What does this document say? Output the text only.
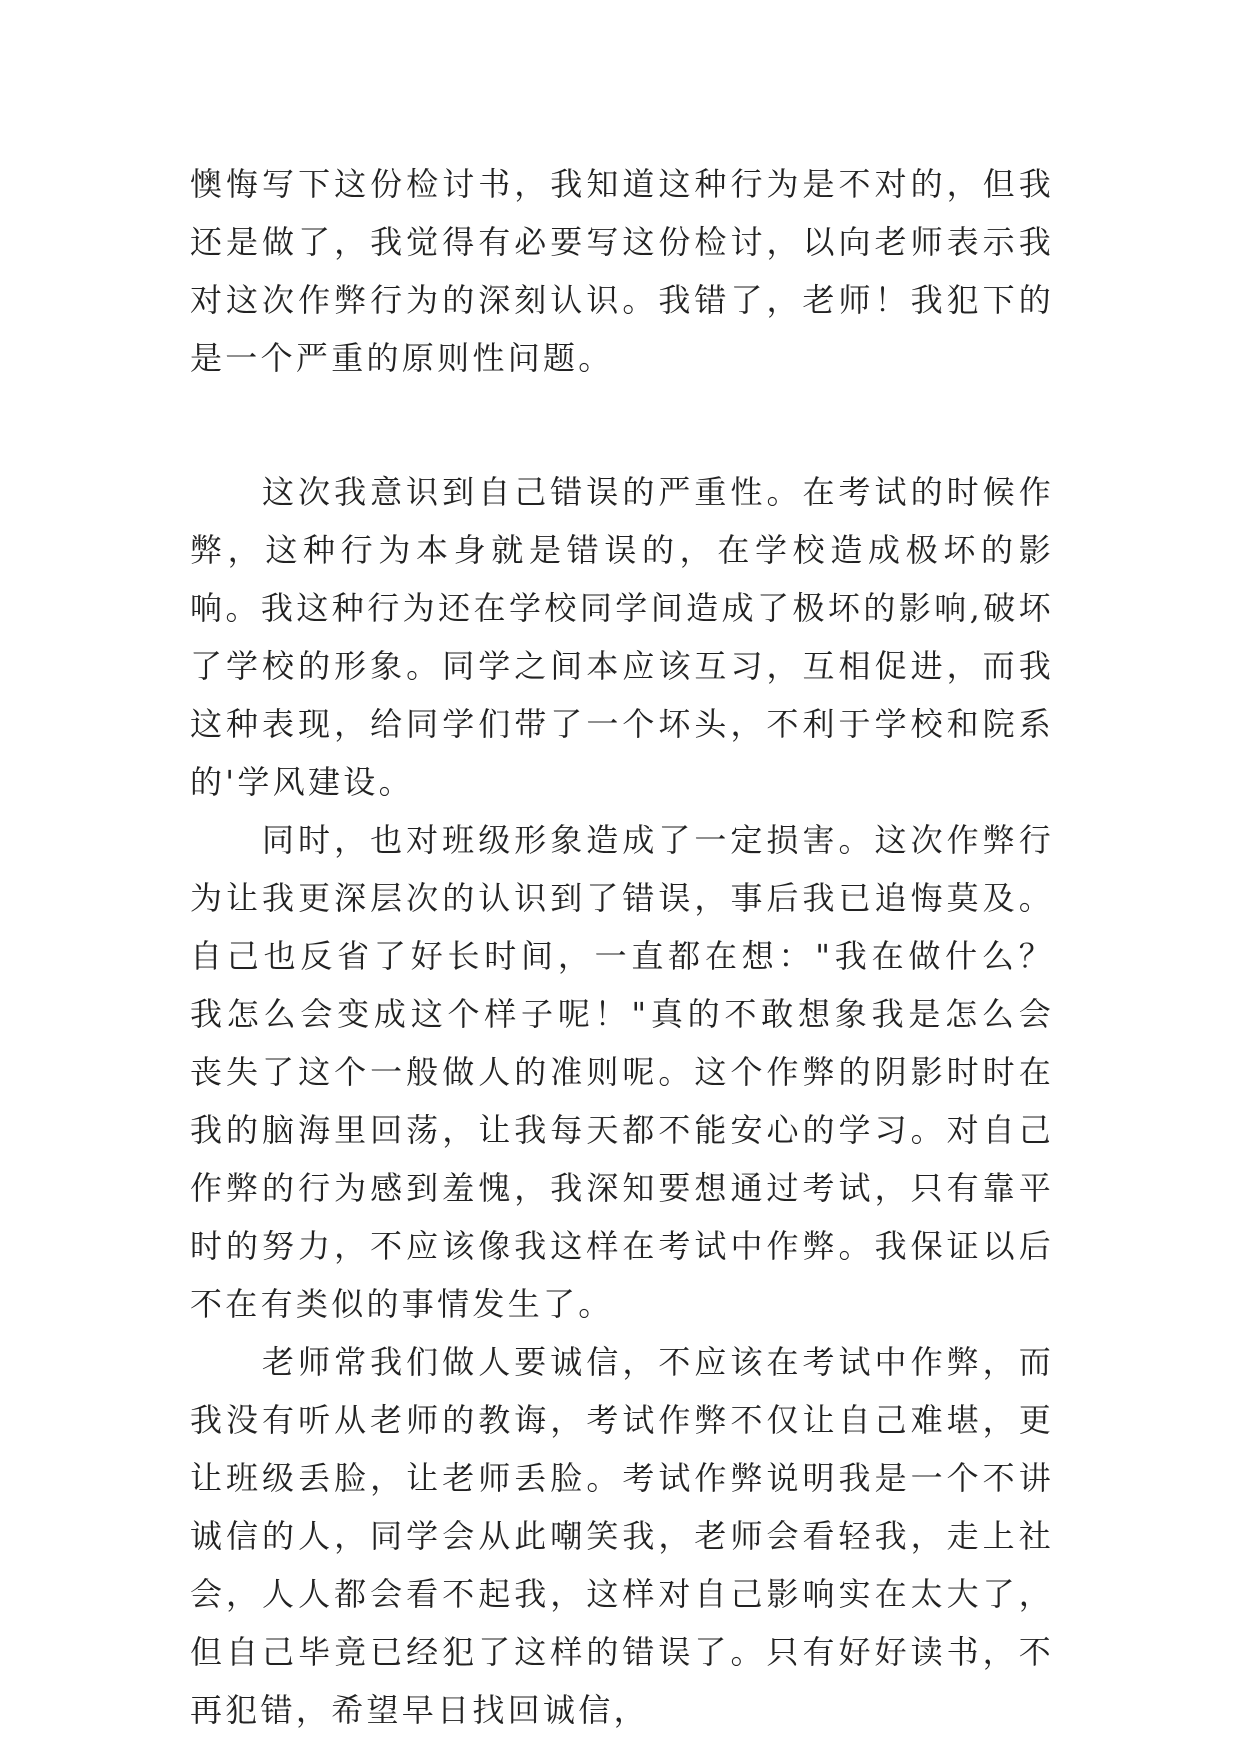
懊悔写下这份检讨书，我知道这种行为是不对的，但我还是做了，我觉得有必要写这份检讨，以向老师表示我对这次作弊行为的深刻认识。我错了，老师！我犯下的是一个严重的原则性问题。

这次我意识到自己错误的严重性。在考试的时候作弊，这种行为本身就是错误的，在学校造成极坏的影响。我这种行为还在学校同学间造成了极坏的影响,破坏了学校的形象。同学之间本应该互习，互相促进，而我这种表现，给同学们带了一个坏头，不利于学校和院系的'学风建设。

同时，也对班级形象造成了一定损害。这次作弊行为让我更深层次的认识到了错误，事后我已追悔莫及。自己也反省了好长时间，一直都在想："我在做什么？我怎么会变成这个样子呢！"真的不敢想象我是怎么会丧失了这个一般做人的准则呢。这个作弊的阴影时时在我的脑海里回荡，让我每天都不能安心的学习。对自己作弊的行为感到羞愧，我深知要想通过考试，只有靠平时的努力，不应该像我这样在考试中作弊。我保证以后不在有类似的事情发生了。

老师常我们做人要诚信，不应该在考试中作弊，而我没有听从老师的教诲，考试作弊不仅让自己难堪，更让班级丢脸，让老师丢脸。考试作弊说明我是一个不讲诚信的人，同学会从此嘲笑我，老师会看轻我，走上社会，人人都会看不起我，这样对自己影响实在太大了，但自己毕竟已经犯了这样的错误了。只有好好读书，不再犯错，希望早日找回诚信，
